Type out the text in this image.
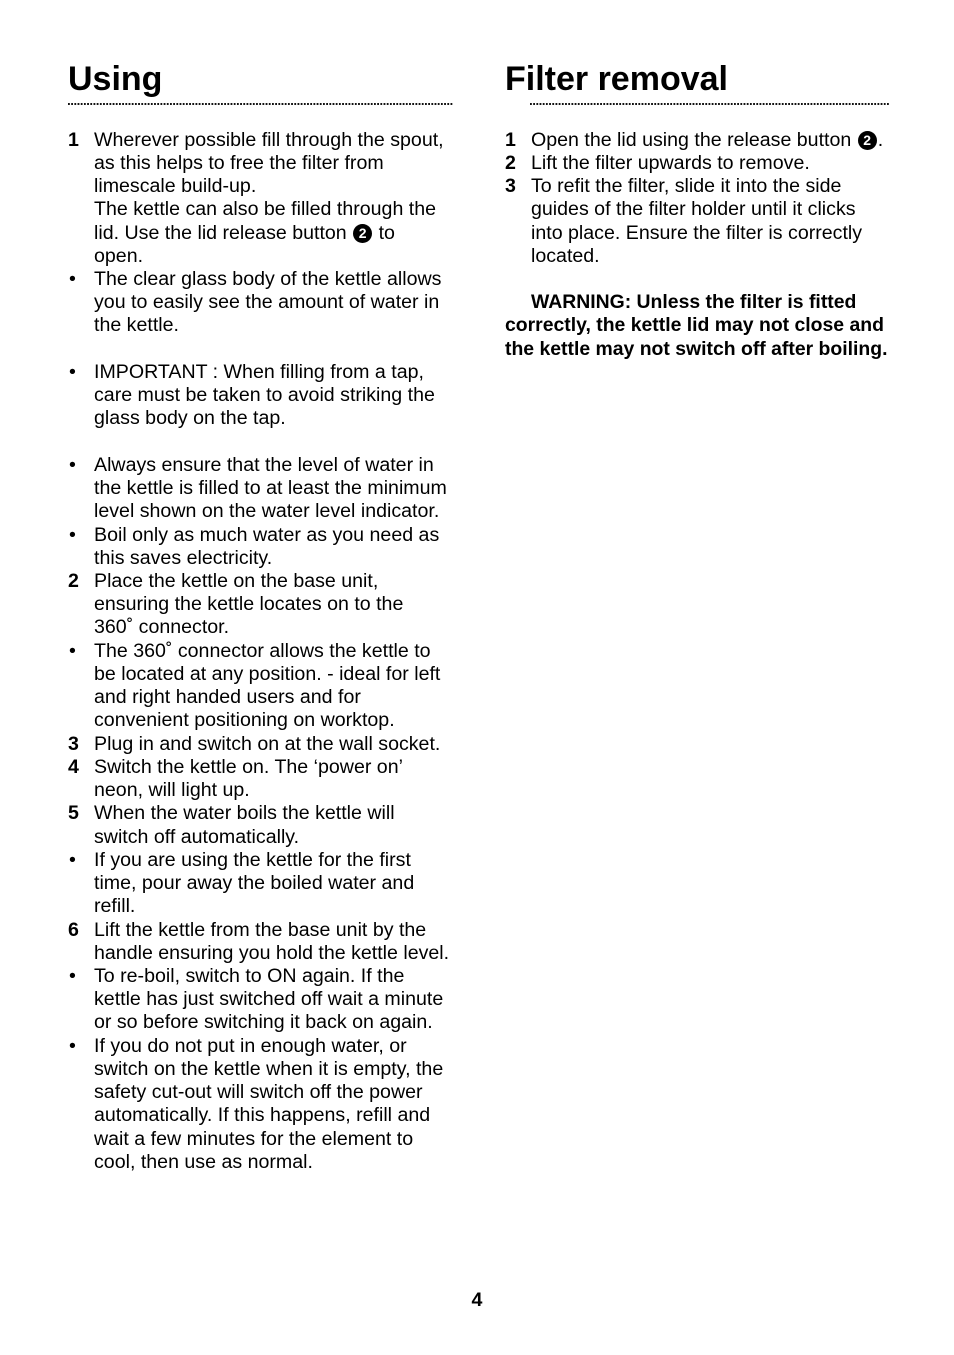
Using
1 Wherever possible fill through the spout,
as this helps to free the filter from
limescale build-up.
The kettle can also be filled through the
lid. Use the lid release button 2 to
open.
• The clear glass body of the kettle allows
you to easily see the amount of water in
the kettle.
• IMPORTANT : When filling from a tap,
care must be taken to avoid striking the
glass body on the tap.
• Always ensure that the level of water in
the kettle is filled to at least the minimum
level shown on the water level indicator.
• Boil only as much water as you need as
this saves electricity.
2 Place the kettle on the base unit,
ensuring the kettle locates on to the
360˚ connector.
• The 360˚ connector allows the kettle to
be located at any position. - ideal for left
and right handed users and for
convenient positioning on worktop.
3 Plug in and switch on at the wall socket.
4 Switch the kettle on. The ‘power on’
neon, will light up.
5 When the water boils the kettle will
switch off automatically.
• If you are using the kettle for the first
time, pour away the boiled water and
refill.
6 Lift the kettle from the base unit by the
handle ensuring you hold the kettle level.
• To re-boil, switch to ON again. If the
kettle has just switched off wait a minute
or so before switching it back on again.
• If you do not put in enough water, or
switch on the kettle when it is empty, the
safety cut-out will switch off the power
automatically. If this happens, refill and
wait a few minutes for the element to
cool, then use as normal.
Filter removal
1 Open the lid using the release button 2 .
2 Lift the filter upwards to remove.
3 To refit the filter, slide it into the side
guides of the filter holder until it clicks
into place. Ensure the filter is correctly
located.
WARNING: Unless the filter is fitted
correctly, the kettle lid may not close and
the kettle may not switch off after boiling.
4
